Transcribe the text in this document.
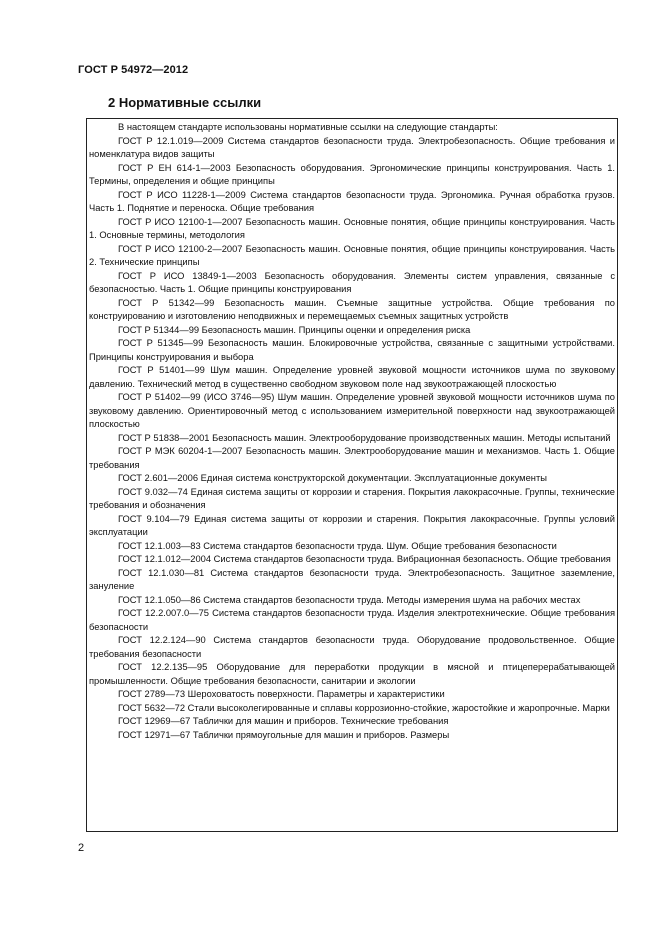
ГОСТ Р 54972—2012
2 Нормативные ссылки

В настоящем стандарте использованы нормативные ссылки на следующие стандарты:

ГОСТ Р 12.1.019—2009 Система стандартов безопасности труда. Электробезопасность. Общие требования и номенклатура видов защиты

ГОСТ Р ЕН 614-1—2003 Безопасность оборудования. Эргономические принципы конструирования. Часть 1. Термины, определения и общие принципы

ГОСТ Р ИСО 11228-1—2009 Система стандартов безопасности труда. Эргономика. Ручная обработка грузов. Часть 1. Поднятие и переноска. Общие требования

ГОСТ Р ИСО 12100-1—2007 Безопасность машин. Основные понятия, общие принципы конструирования. Часть 1. Основные термины, методология

ГОСТ Р ИСО 12100-2—2007 Безопасность машин. Основные понятия, общие принципы конструирования. Часть 2. Технические принципы

ГОСТ Р ИСО 13849-1—2003 Безопасность оборудования. Элементы систем управления, связанные с безопасностью. Часть 1. Общие принципы конструирования

ГОСТ Р 51342—99 Безопасность машин. Съемные защитные устройства. Общие требования по конструированию и изготовлению неподвижных и перемещаемых съемных защитных устройств

ГОСТ Р 51344—99 Безопасность машин. Принципы оценки и определения риска

ГОСТ Р 51345—99 Безопасность машин. Блокировочные устройства, связанные с защитными устройствами. Принципы конструирования и выбора

ГОСТ Р 51401—99 Шум машин. Определение уровней звуковой мощности источников шума по звуковому давлению. Технический метод в существенно свободном звуковом поле над звукоотражающей плоскостью

ГОСТ Р 51402—99 (ИСО 3746—95) Шум машин. Определение уровней звуковой мощности источников шума по звуковому давлению. Ориентировочный метод с использованием измерительной поверхности над звукоотражающей плоскостью

ГОСТ Р 51838—2001 Безопасность машин. Электрооборудование производственных машин. Методы испытаний

ГОСТ Р МЭК 60204-1—2007 Безопасность машин. Электрооборудование машин и механизмов. Часть 1. Общие требования

ГОСТ 2.601—2006 Единая система конструкторской документации. Эксплуатационные документы

ГОСТ 9.032—74 Единая система защиты от коррозии и старения. Покрытия лакокрасочные. Группы, технические требования и обозначения

ГОСТ 9.104—79 Единая система защиты от коррозии и старения. Покрытия лакокрасочные. Группы условий эксплуатации

ГОСТ 12.1.003—83 Система стандартов безопасности труда. Шум. Общие требования безопасности

ГОСТ 12.1.012—2004 Система стандартов безопасности труда. Вибрационная безопасность. Общие требования

ГОСТ 12.1.030—81 Система стандартов безопасности труда. Электробезопасность. Защитное заземление, зануление

ГОСТ 12.1.050—86 Система стандартов безопасности труда. Методы измерения шума на рабочих местах

ГОСТ 12.2.007.0—75 Система стандартов безопасности труда. Изделия электротехнические. Общие требования безопасности

ГОСТ 12.2.124—90 Система стандартов безопасности труда. Оборудование продовольственное. Общие требования безопасности

ГОСТ 12.2.135—95 Оборудование для переработки продукции в мясной и птицеперерабатывающей промышленности. Общие требования безопасности, санитарии и экологии

ГОСТ 2789—73 Шероховатость поверхности. Параметры и характеристики

ГОСТ 5632—72 Стали высоколегированные и сплавы коррозионно-стойкие, жаростойкие и жаропрочные. Марки

ГОСТ 12969—67 Таблички для машин и приборов. Технические требования

ГОСТ 12971—67 Таблички прямоугольные для машин и приборов. Размеры

2
